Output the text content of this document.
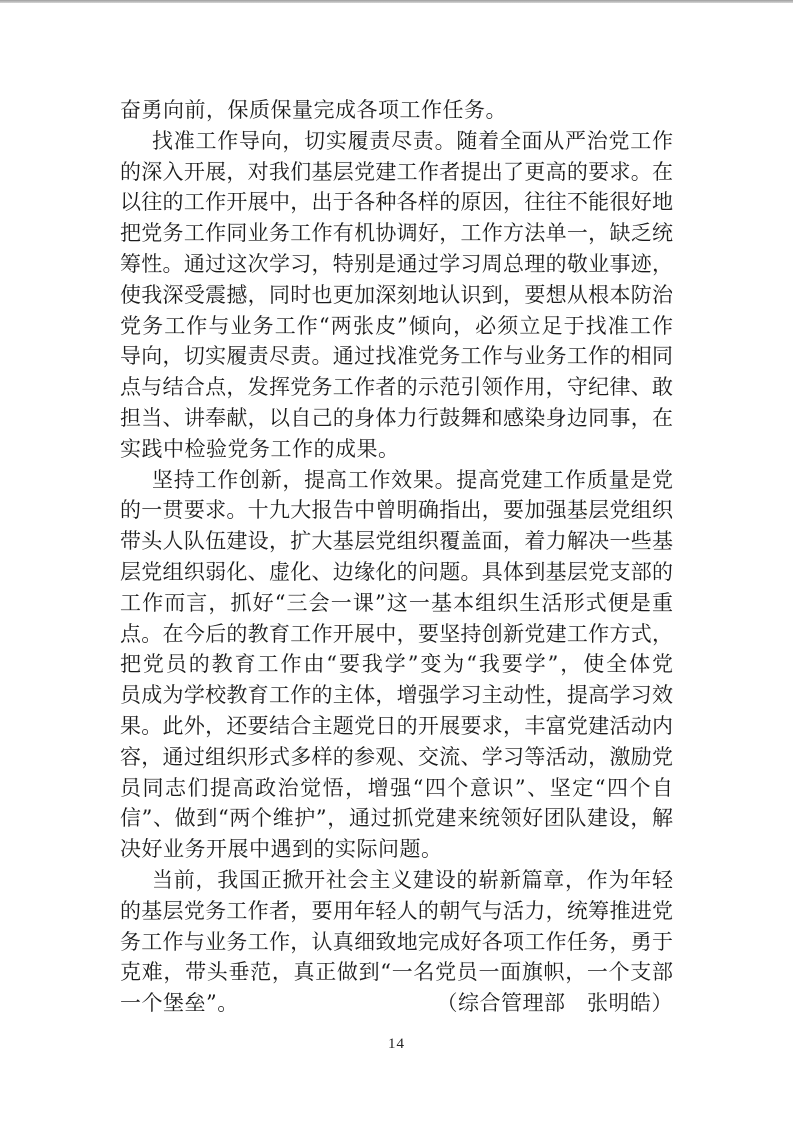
奋勇向前，保质保量完成各项工作任务。
找准工作导向，切实履责尽责。随着全面从严治党工作
的深入开展，对我们基层党建工作者提出了更高的要求。在
以往的工作开展中，出于各种各样的原因，往往不能很好地
把党务工作同业务工作有机协调好，工作方法单一，缺乏统
筹性。通过这次学习，特别是通过学习周总理的敬业事迹，
使我深受震撼，同时也更加深刻地认识到，要想从根本防治
党务工作与业务工作“两张皮”倾向，必须立足于找准工作
导向，切实履责尽责。通过找准党务工作与业务工作的相同
点与结合点，发挥党务工作者的示范引领作用，守纪律、敢
担当、讲奉献，以自己的身体力行鼓舞和感染身边同事，在
实践中检验党务工作的成果。
坚持工作创新，提高工作效果。提高党建工作质量是党
的一贯要求。十九大报告中曾明确指出，要加强基层党组织
带头人队伍建设，扩大基层党组织覆盖面，着力解决一些基
层党组织弱化、虚化、边缘化的问题。具体到基层党支部的
工作而言，抓好“三会一课”这一基本组织生活形式便是重
点。在今后的教育工作开展中，要坚持创新党建工作方式，
把党员的教育工作由“要我学”变为“我要学”，使全体党
员成为学校教育工作的主体，增强学习主动性，提高学习效
果。此外，还要结合主题党日的开展要求，丰富党建活动内
容，通过组织形式多样的参观、交流、学习等活动，激励党
员同志们提高政治觉悟，增强“四个意识”、坚定“四个自
信”、做到“两个维护”，通过抓党建来统领好团队建设，解
决好业务开展中遇到的实际问题。
当前，我国正掀开社会主义建设的崭新篇章，作为年轻
的基层党务工作者，要用年轻人的朝气与活力，统筹推进党
务工作与业务工作，认真细致地完成好各项工作任务，勇于
克难，带头垂范，真正做到“一名党员一面旗帜，一个支部
一个堡垒”。	（综合管理部　张明皓）
14
